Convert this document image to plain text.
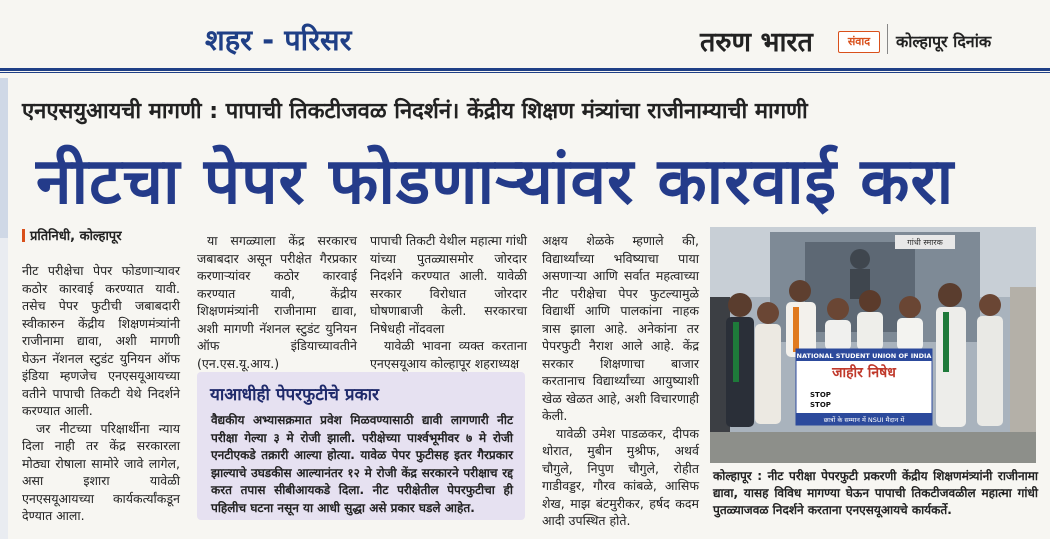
शहर - परिसर	तरुण भारत	संवाद	कोल्हापूर दिनांक
एनएसयुआयची मागणी : पापाची तिकटीजवळ निदर्शनं। केंद्रीय शिक्षण मंत्र्यांचा राजीनाम्याची मागणी
नीटचा पेपर फोडणाऱ्यांवर कारवाई करा
प्रतिनिधी, कोल्हापूर

नीट परीक्षेचा पेपर फोडणाऱ्यावर कठोर कारवाई करण्यात यावी. तसेच पेपर फुटीची जबाबदारी स्वीकारुन केंद्रीय शिक्षणमंत्र्यांनी राजीनामा द्यावा, अशी मागणी घेऊन नॅशनल स्टुडंट युनियन ऑफ इंडिया म्हणजेच एनएसयूआयच्या वतीने पापाची तिकटी येथे निदर्शने करण्यात आली.

जर नीटच्या परिक्षार्थीना न्याय दिला नाही तर केंद्र सरकारला मोठ्या रोषाला सामोरे जावे लागेल, असा इशारा यावेळी एनएसयूआयच्या कार्यकर्त्यांकडून देण्यात आला.

या सगळ्याला केंद्र सरकारच जबाबदार असून परीक्षेत गैरप्रकार करणाऱ्यांवर कठोर कारवाई करण्यात यावी, केंद्रीय शिक्षणमंत्र्यांनी राजीनामा द्यावा, अशी मागणी नॅशनल स्टुडंट युनियन ऑफ इंडियाच्यावतीने (एन.एस.यू.आय.)

पापाची तिकटी येथील महात्मा गांधी यांच्या पुतळ्यासमोर जोरदार निदर्शने करण्यात आली. यावेळी सरकार विरोधात जोरदार घोषणाबाजी केली. सरकारचा निषेधही नोंदवला

यावेळी भावना व्यक्त करताना एनएसयूआय कोल्हापूर शहराध्यक्ष

अक्षय शेळके म्हणाले की, विद्यार्थ्यांच्या भविष्याचा पाया असणाऱ्या आणि सर्वात महत्वाच्या नीट परीक्षेचा पेपर फुटल्यामुळे विद्यार्थी आणि पालकांना नाहक त्रास झाला आहे. अनेकांना तर पेपरफुटी नैराश आले आहे. केंद्र सरकार शिक्षणाचा बाजार करतानाच विद्यार्थ्यांच्या आयुष्याशी खेळ खेळत आहे, अशी विचारणाही केली.

यावेळी उमेश पाडळकर, दीपक थोरात, मुबीन मुश्रीफ, अथर्व चौगुले, निपुण चौगुले, रोहीत गाडीवड्डर, गौरव कांबळे, आसिफ शेख, माझ बंटमुरीकर, हर्षद कदम आदी उपस्थित होते.

याआधीही पेपरफुटीचे प्रकार
वैद्यकीय अभ्यासक्रमात प्रवेश मिळवण्यासाठी द्यावी लागणारी नीट परीक्षा गेल्या ३ मे रोजी झाली. परीक्षेच्या पार्श्वभूमीवर ७ मे रोजी एनटीएकडे तक्रारी आल्या होत्या. यावेळ पेपर फुटीसह इतर गैरप्रकार झाल्याचे उघडकीस आल्यानंतर १२ मे रोजी केंद्र सरकारने परीक्षाच रद्द करत तपास सीबीआयकडे दिला. नीट परीक्षेतील पेपरफुटीचा ही पहिलीच घटना नसून या आधी सुद्धा असे प्रकार घडले आहेत.
गांधी स्मारक
NATIONAL STUDENT UNION OF INDIA
जाहीर निषेध
STOP
STOP
छात्रों के सम्मान में NSUI मैदान में
कोल्हापूर : नीट परीक्षा पेपरफुटी प्रकरणी केंद्रीय शिक्षणमंत्र्यांनी राजीनामा द्यावा, यासह विविध मागण्या घेऊन पापाची तिकटीजवळील महात्मा गांधी पुतळ्याजवळ निदर्शने करताना एनएसयूआयचे कार्यकर्ते.
